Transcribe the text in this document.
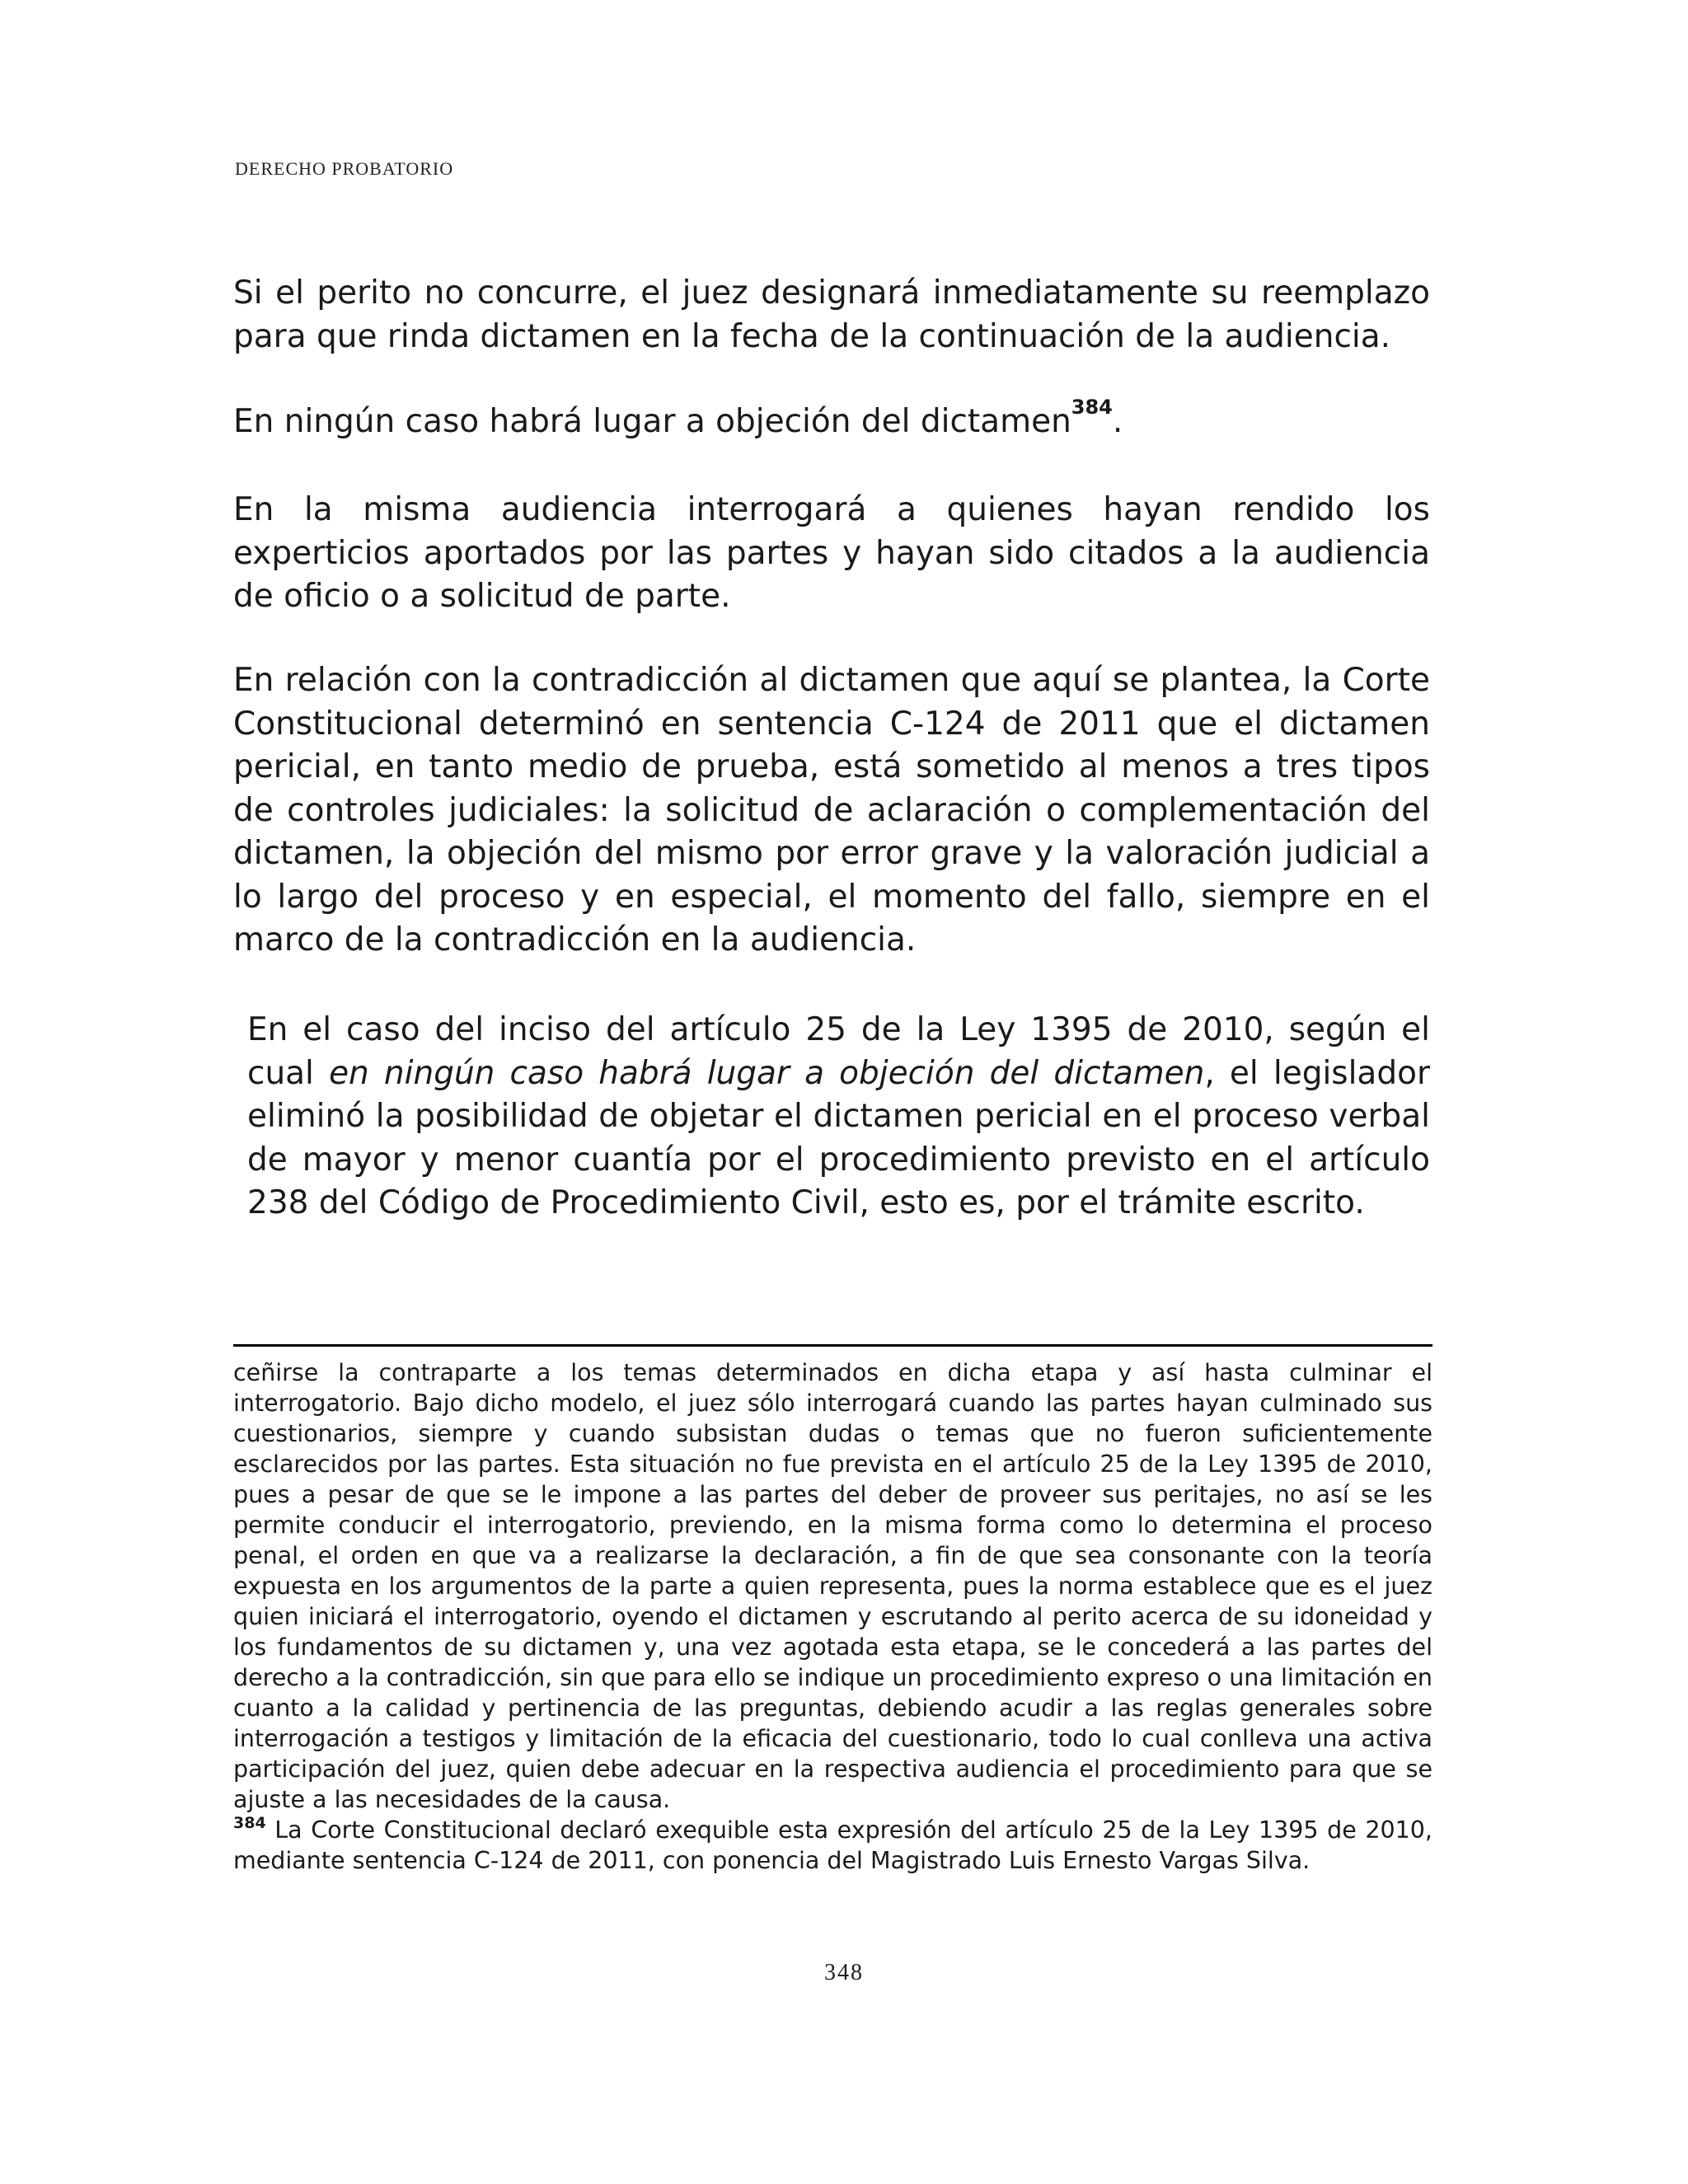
DERECHO PROBATORIO
Si el perito no concurre, el juez designará inmediatamente su reemplazo para que rinda dictamen en la fecha de la continuación de la audiencia.
En ningún caso habrá lugar a objeción del dictamen$^{384}$.
En la misma audiencia interrogará a quienes hayan rendido los experticios aportados por las partes y hayan sido citados a la audiencia de oficio o a solicitud de parte.
En relación con la contradicción al dictamen que aquí se plantea, la Corte Constitucional determinó en sentencia C-124 de 2011 que el dictamen pericial, en tanto medio de prueba, está sometido al menos a tres tipos de controles judiciales: la solicitud de aclaración o complementación del dictamen, la objeción del mismo por error grave y la valoración judicial a lo largo del proceso y en especial, el momento del fallo, siempre en el marco de la contradicción en la audiencia.
En el caso del inciso del artículo 25 de la Ley 1395 de 2010, según el cual en ningún caso habrá lugar a objeción del dictamen, el legislador eliminó la posibilidad de objetar el dictamen pericial en el proceso verbal de mayor y menor cuantía por el procedimiento previsto en el artículo 238 del Código de Procedimiento Civil, esto es, por el trámite escrito.

ceñirse la contraparte a los temas determinados en dicha etapa y así hasta culminar el interrogatorio. Bajo dicho modelo, el juez sólo interrogará cuando las partes hayan culminado sus cuestionarios, siempre y cuando subsistan dudas o temas que no fueron suficientemente esclarecidos por las partes. Esta situación no fue prevista en el artículo 25 de la Ley 1395 de 2010, pues a pesar de que se le impone a las partes del deber de proveer sus peritajes, no así se les permite conducir el interrogatorio, previendo, en la misma forma como lo determina el proceso penal, el orden en que va a realizarse la declaración, a fin de que sea consonante con la teoría expuesta en los argumentos de la parte a quien representa, pues la norma establece que es el juez quien iniciará el interrogatorio, oyendo el dictamen y escrutando al perito acerca de su idoneidad y los fundamentos de su dictamen y, una vez agotada esta etapa, se le concederá a las partes del derecho a la contradicción, sin que para ello se indique un procedimiento expreso o una limitación en cuanto a la calidad y pertinencia de las preguntas, debiendo acudir a las reglas generales sobre interrogación a testigos y limitación de la eficacia del cuestionario, todo lo cual conlleva una activa participación del juez, quien debe adecuar en la respectiva audiencia el procedimiento para que se ajuste a las necesidades de la causa.

$^{384}$ La Corte Constitucional declaró exequible esta expresión del artículo 25 de la Ley 1395 de 2010, mediante sentencia C-124 de 2011, con ponencia del Magistrado Luis Ernesto Vargas Silva.

348
